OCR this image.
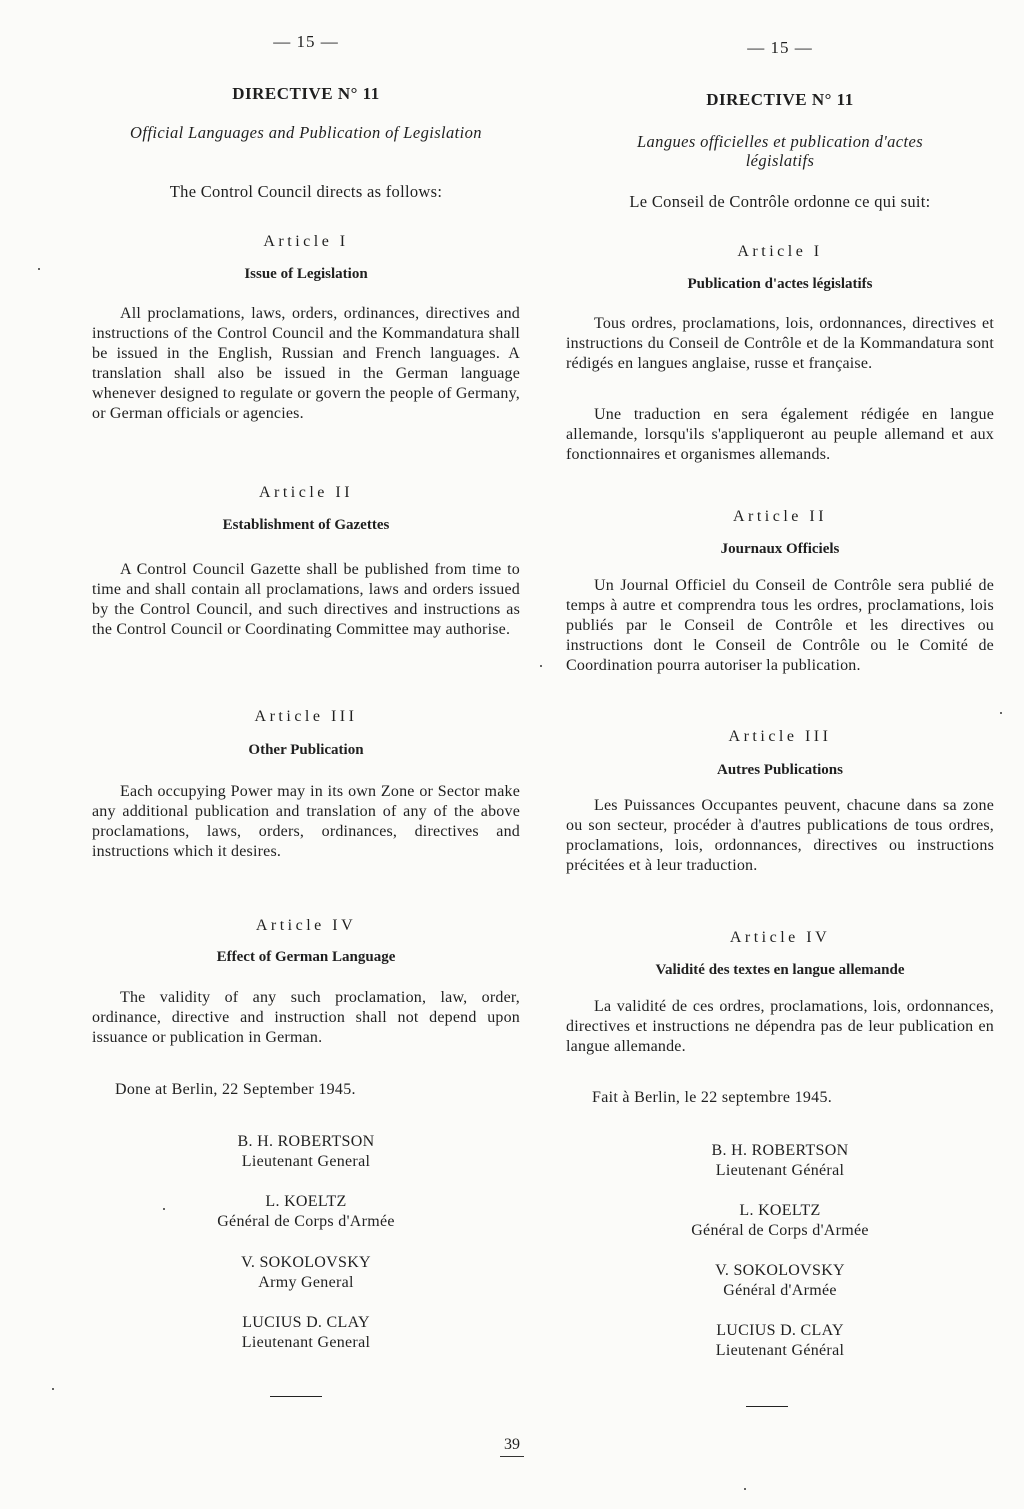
— 15 —
DIRECTIVE N° 11
Official Languages and Publication of Legislation
The Control Council directs as follows:
Article I
Issue of Legislation
All proclamations, laws, orders, ordinances, directives and instructions of the Control Council and the Kommandatura shall be issued in the English, Russian and French languages. A translation shall also be issued in the German language whenever designed to regulate or govern the people of Germany, or German officials or agencies.
Article II
Establishment of Gazettes
A Control Council Gazette shall be published from time to time and shall contain all proclamations, laws and orders issued by the Control Council, and such directives and instructions as the Control Council or Coordinating Committee may authorise.
Article III
Other Publication
Each occupying Power may in its own Zone or Sector make any additional publication and translation of any of the above proclamations, laws, orders, ordinances, directives and instructions which it desires.
Article IV
Effect of German Language
The validity of any such proclamation, law, order, ordinance, directive and instruction shall not depend upon issuance or publication in German.
Done at Berlin, 22 September 1945.
B. H. ROBERTSON
Lieutenant General
L. KOELTZ
Général de Corps d'Armée
V. SOKOLOVSKY
Army General
LUCIUS D. CLAY
Lieutenant General
— 15 —
DIRECTIVE N° 11
Langues officielles et publication d'actes
législatifs
Le Conseil de Contrôle ordonne ce qui suit:
Article I
Publication d'actes législatifs
Tous ordres, proclamations, lois, ordonnances, directives et instructions du Conseil de Contrôle et de la Kommandatura sont rédigés en langues anglaise, russe et française.
Une traduction en sera également rédigée en langue allemande, lorsqu'ils s'appliqueront au peuple allemand et aux fonctionnaires et organismes allemands.
Article II
Journaux Officiels
Un Journal Officiel du Conseil de Contrôle sera publié de temps à autre et comprendra tous les ordres, proclamations, lois publiés par le Conseil de Contrôle et les directives ou instructions dont le Conseil de Contrôle ou le Comité de Coordination pourra autoriser la publication.
Article III
Autres Publications
Les Puissances Occupantes peuvent, chacune dans sa zone ou son secteur, procéder à d'autres publications de tous ordres, proclamations, lois, ordonnances, directives ou instructions précitées et à leur traduction.
Article IV
Validité des textes en langue allemande
La validité de ces ordres, proclamations, lois, ordonnances, directives et instructions ne dépendra pas de leur publication en langue allemande.
Fait à Berlin, le 22 septembre 1945.
B. H. ROBERTSON
Lieutenant Général
L. KOELTZ
Général de Corps d'Armée
V. SOKOLOVSKY
Général d'Armée
LUCIUS D. CLAY
Lieutenant Général
39
